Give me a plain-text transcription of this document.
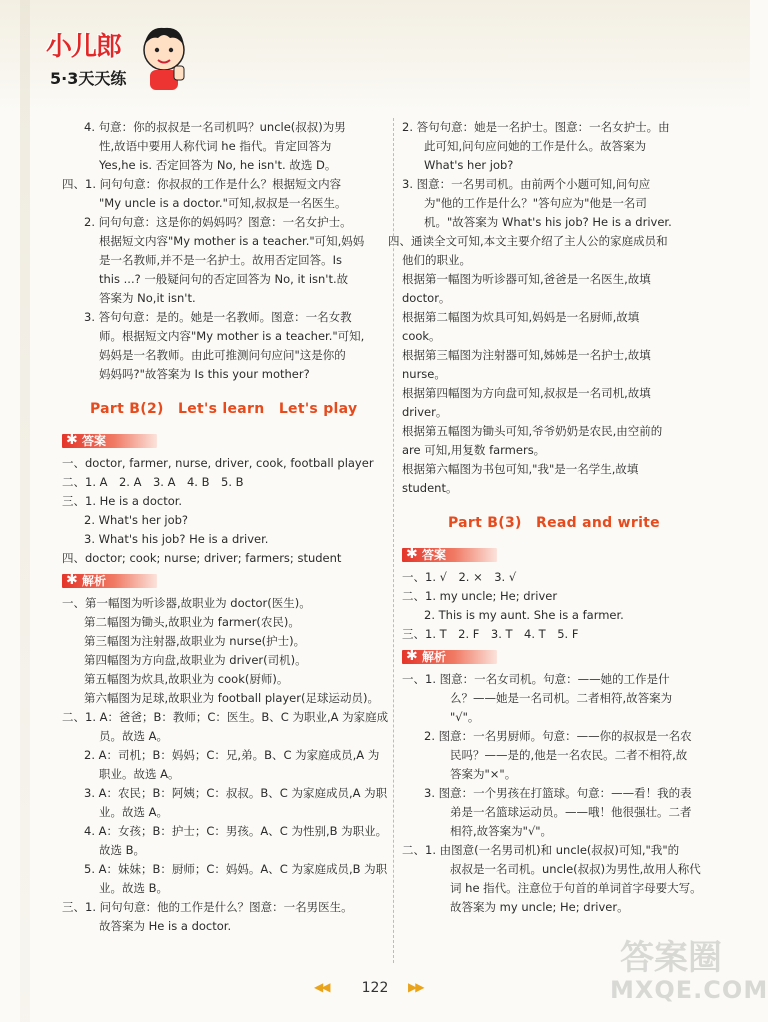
小儿郎
5·3天天练
4. 句意：你的叔叔是一名司机吗？uncle(叔叔)为男
性,故语中要用人称代词 he 指代。肯定回答为
Yes,he is. 否定回答为 No, he isn't. 故选 D。
四、1. 问句句意：你叔叔的工作是什么？根据短文内容
"My uncle is a doctor."可知,叔叔是一名医生。
2. 问句句意：这是你的妈妈吗？图意：一名女护士。
根据短文内容"My mother is a teacher."可知,妈妈
是一名教师,并不是一名护士。故用否定回答。Is
this ...? 一般疑问句的否定回答为 No, it isn't.故
答案为 No,it isn't.
3. 答句句意：是的。她是一名教师。图意：一名女教
师。根据短文内容"My mother is a teacher."可知,
妈妈是一名教师。由此可推测问句应问"这是你的
妈妈吗?"故答案为 Is this your mother?
Part B(2)　Let's learn　Let's play
✱ 答案
一、doctor, farmer, nurse, driver, cook, football player
二、1. A　2. A　3. A　4. B　5. B
三、1. He is a doctor.
2. What's her job?
3. What's his job? He is a driver.
四、doctor; cook; nurse; driver; farmers; student
✱ 解析
一、第一幅图为听诊器,故职业为 doctor(医生)。
第二幅图为锄头,故职业为 farmer(农民)。
第三幅图为注射器,故职业为 nurse(护士)。
第四幅图为方向盘,故职业为 driver(司机)。
第五幅图为炊具,故职业为 cook(厨师)。
第六幅图为足球,故职业为 football player(足球运动员)。
二、1. A：爸爸；B：教师；C：医生。B、C 为职业,A 为家庭成
员。故选 A。
2. A：司机；B：妈妈；C：兄,弟。B、C 为家庭成员,A 为
职业。故选 A。
3. A：农民；B：阿姨；C：叔叔。B、C 为家庭成员,A 为职
业。故选 A。
4. A：女孩；B：护士；C：男孩。A、C 为性别,B 为职业。
故选 B。
5. A：妹妹；B：厨师；C：妈妈。A、C 为家庭成员,B 为职
业。故选 B。
三、1. 问句句意：他的工作是什么？图意：一名男医生。
故答案为 He is a doctor.
2. 答句句意：她是一名护士。图意：一名女护士。由
此可知,问句应问她的工作是什么。故答案为
What's her job?
3. 图意：一名男司机。由前两个小题可知,问句应
为"他的工作是什么？"答句应为"他是一名司
机。"故答案为 What's his job? He is a driver.
四、通读全文可知,本文主要介绍了主人公的家庭成员和
他们的职业。
根据第一幅图为听诊器可知,爸爸是一名医生,故填
doctor。
根据第二幅图为炊具可知,妈妈是一名厨师,故填
cook。
根据第三幅图为注射器可知,姊姊是一名护士,故填
nurse。
根据第四幅图为方向盘可知,叔叔是一名司机,故填
driver。
根据第五幅图为锄头可知,爷爷奶奶是农民,由空前的
are 可知,用复数 farmers。
根据第六幅图为书包可知,"我"是一名学生,故填
student。
Part B(3)　Read and write
✱ 答案
一、1. √　2. ×　3. √
二、1. my uncle; He; driver
2. This is my aunt. She is a farmer.
三、1. T　2. F　3. T　4. T　5. F
✱ 解析
一、1. 图意：一名女司机。句意：——她的工作是什
么？——她是一名司机。二者相符,故答案为
"√"。
2. 图意：一名男厨师。句意：——你的叔叔是一名农
民吗？——是的,他是一名农民。二者不相符,故
答案为"×"。
3. 图意：一个男孩在打篮球。句意：——看！我的表
弟是一名篮球运动员。——哦！他很强壮。二者
相符,故答案为"√"。
二、1. 由图意(一名男司机)和 uncle(叔叔)可知,"我"的
叔叔是一名司机。uncle(叔叔)为男性,故用人称代
词 he 指代。注意位于句首的单词首字母要大写。
故答案为 my uncle; He; driver。
◀◀	122	▶▶
答案圈
MXQE.COM
